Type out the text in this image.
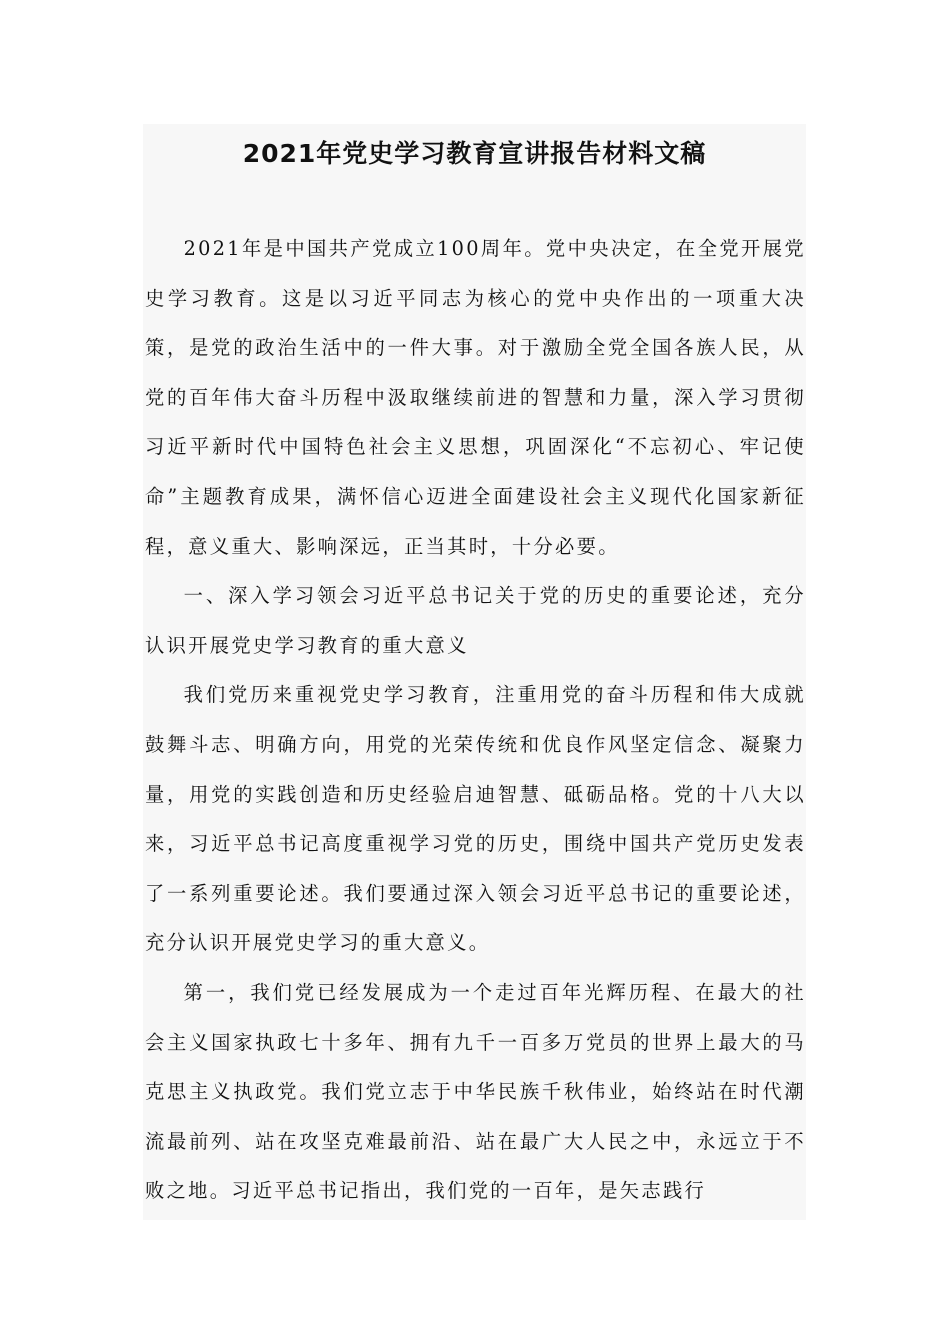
2021年党史学习教育宣讲报告材料文稿

2021年是中国共产党成立100周年。党中央决定，在全党开展党史学习教育。这是以习近平同志为核心的党中央作出的一项重大决策，是党的政治生活中的一件大事。对于激励全党全国各族人民，从党的百年伟大奋斗历程中汲取继续前进的智慧和力量，深入学习贯彻习近平新时代中国特色社会主义思想，巩固深化“不忘初心、牢记使命”主题教育成果，满怀信心迈进全面建设社会主义现代化国家新征程，意义重大、影响深远，正当其时，十分必要。

一、深入学习领会习近平总书记关于党的历史的重要论述，充分认识开展党史学习教育的重大意义

我们党历来重视党史学习教育，注重用党的奋斗历程和伟大成就鼓舞斗志、明确方向，用党的光荣传统和优良作风坚定信念、凝聚力量，用党的实践创造和历史经验启迪智慧、砥砺品格。党的十八大以来，习近平总书记高度重视学习党的历史，围绕中国共产党历史发表了一系列重要论述。我们要通过深入领会习近平总书记的重要论述，充分认识开展党史学习的重大意义。

第一，我们党已经发展成为一个走过百年光辉历程、在最大的社会主义国家执政七十多年、拥有九千一百多万党员的世界上最大的马克思主义执政党。我们党立志于中华民族千秋伟业，始终站在时代潮流最前列、站在攻坚克难最前沿、站在最广大人民之中，永远立于不败之地。习近平总书记指出，我们党的一百年，是矢志践行
